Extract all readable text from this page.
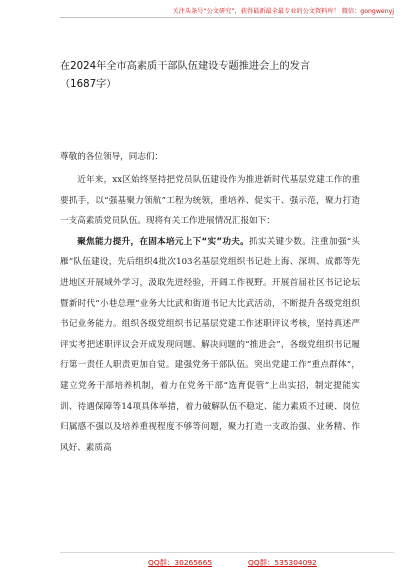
关注头条号“公文研究”，获得最新最全最专业的公文资料库！ 微信：gongwenyj
在2024年全市高素质干部队伍建设专题推进会上的发言
（1687字）
尊敬的各位领导，同志们：

近年来，xx区始终坚持把党员队伍建设作为推进新时代基层党建工作的重要抓手，以“强基聚力领航”工程为统领，重培养、促实干、强示范，聚力打造一支高素质党员队伍。现将有关工作进展情况汇报如下：

聚焦能力提升，在固本培元上下“实”功夫。抓实关键少数。注重加强“头雁”队伍建设，先后组织4批次103名基层党组织书记赴上海、深圳、成都等先进地区开展域外学习，汲取先进经验，开阔工作视野。开展首届社区书记论坛暨新时代“小巷总理”业务大比武和街道书记大比武活动，不断提升各级党组织书记业务能力。组织各级党组织书记基层党建工作述职评议考核，坚持真述严评实考把述职评议会开成发现问题、解决问题的“推进会”，各级党组织书记履行第一责任人职责更加自觉。建强党务干部队伍。突出党建工作“重点群体”，建立党务干部培养机制，着力在党务干部“选育促管”上出实招，制定提能实训、待遇保障等14项具体举措，着力破解队伍不稳定、能力素质不过硬、岗位归属感不强以及培养重视程度不够等问题，聚力打造一支政治强、业务精、作风好、素质高

QQ群：30265665	QQ群：535304092
